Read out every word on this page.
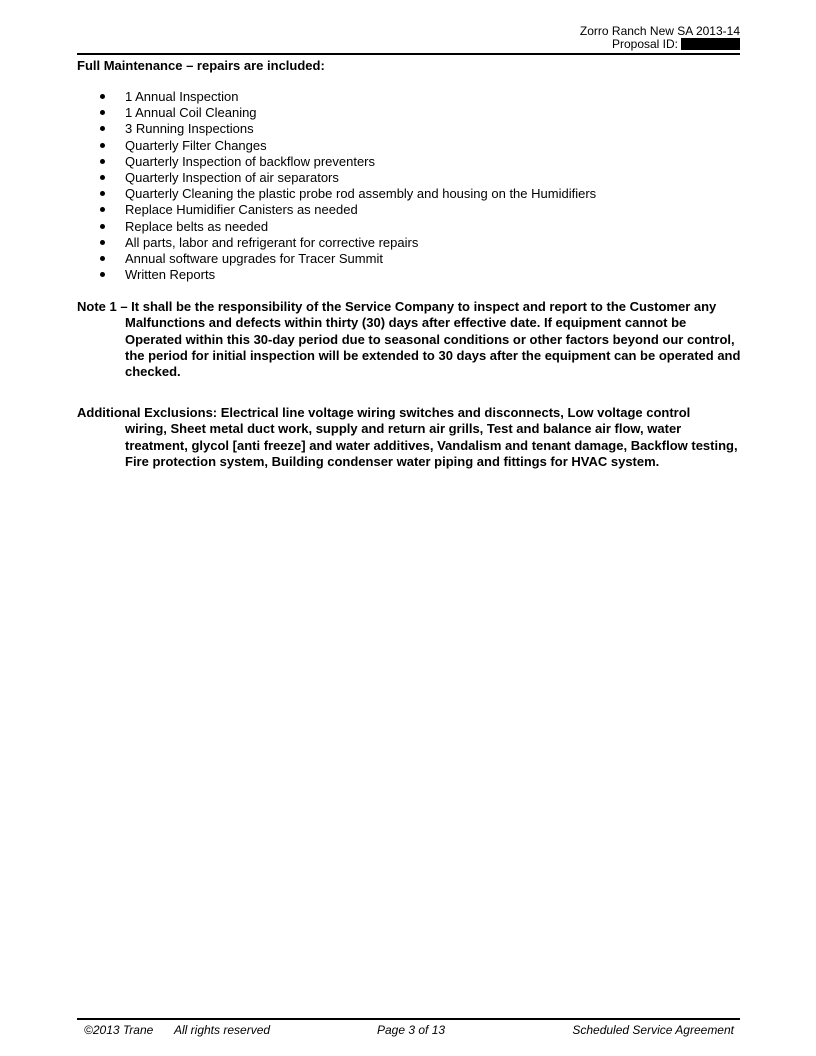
Zorro Ranch New SA 2013-14
Proposal ID:
Full Maintenance – repairs are included:
1 Annual Inspection
1 Annual Coil Cleaning
3 Running Inspections
Quarterly Filter Changes
Quarterly Inspection of backflow preventers
Quarterly Inspection of air separators
Quarterly Cleaning the plastic probe rod assembly and housing on the Humidifiers
Replace Humidifier Canisters as needed
Replace belts as needed
All parts, labor and refrigerant for corrective repairs
Annual software upgrades for Tracer Summit
Written Reports
Note 1 – It shall be the responsibility of the Service Company to inspect and report to the Customer any
Malfunctions and defects within thirty (30) days after effective date. If equipment cannot be Operated within this 30-day period due to seasonal conditions or other factors beyond our control, the period for initial inspection will be extended to 30 days after the equipment can be operated and checked.
Additional Exclusions: Electrical line voltage wiring switches and disconnects, Low voltage control
wiring, Sheet metal duct work, supply and return air grills, Test and balance air flow, water treatment, glycol [anti freeze] and water additives, Vandalism and tenant damage, Backflow testing, Fire protection system, Building condenser water piping and fittings for HVAC system.
©2013 Trane All rights reserved	Page 3 of 13	Scheduled Service Agreement
